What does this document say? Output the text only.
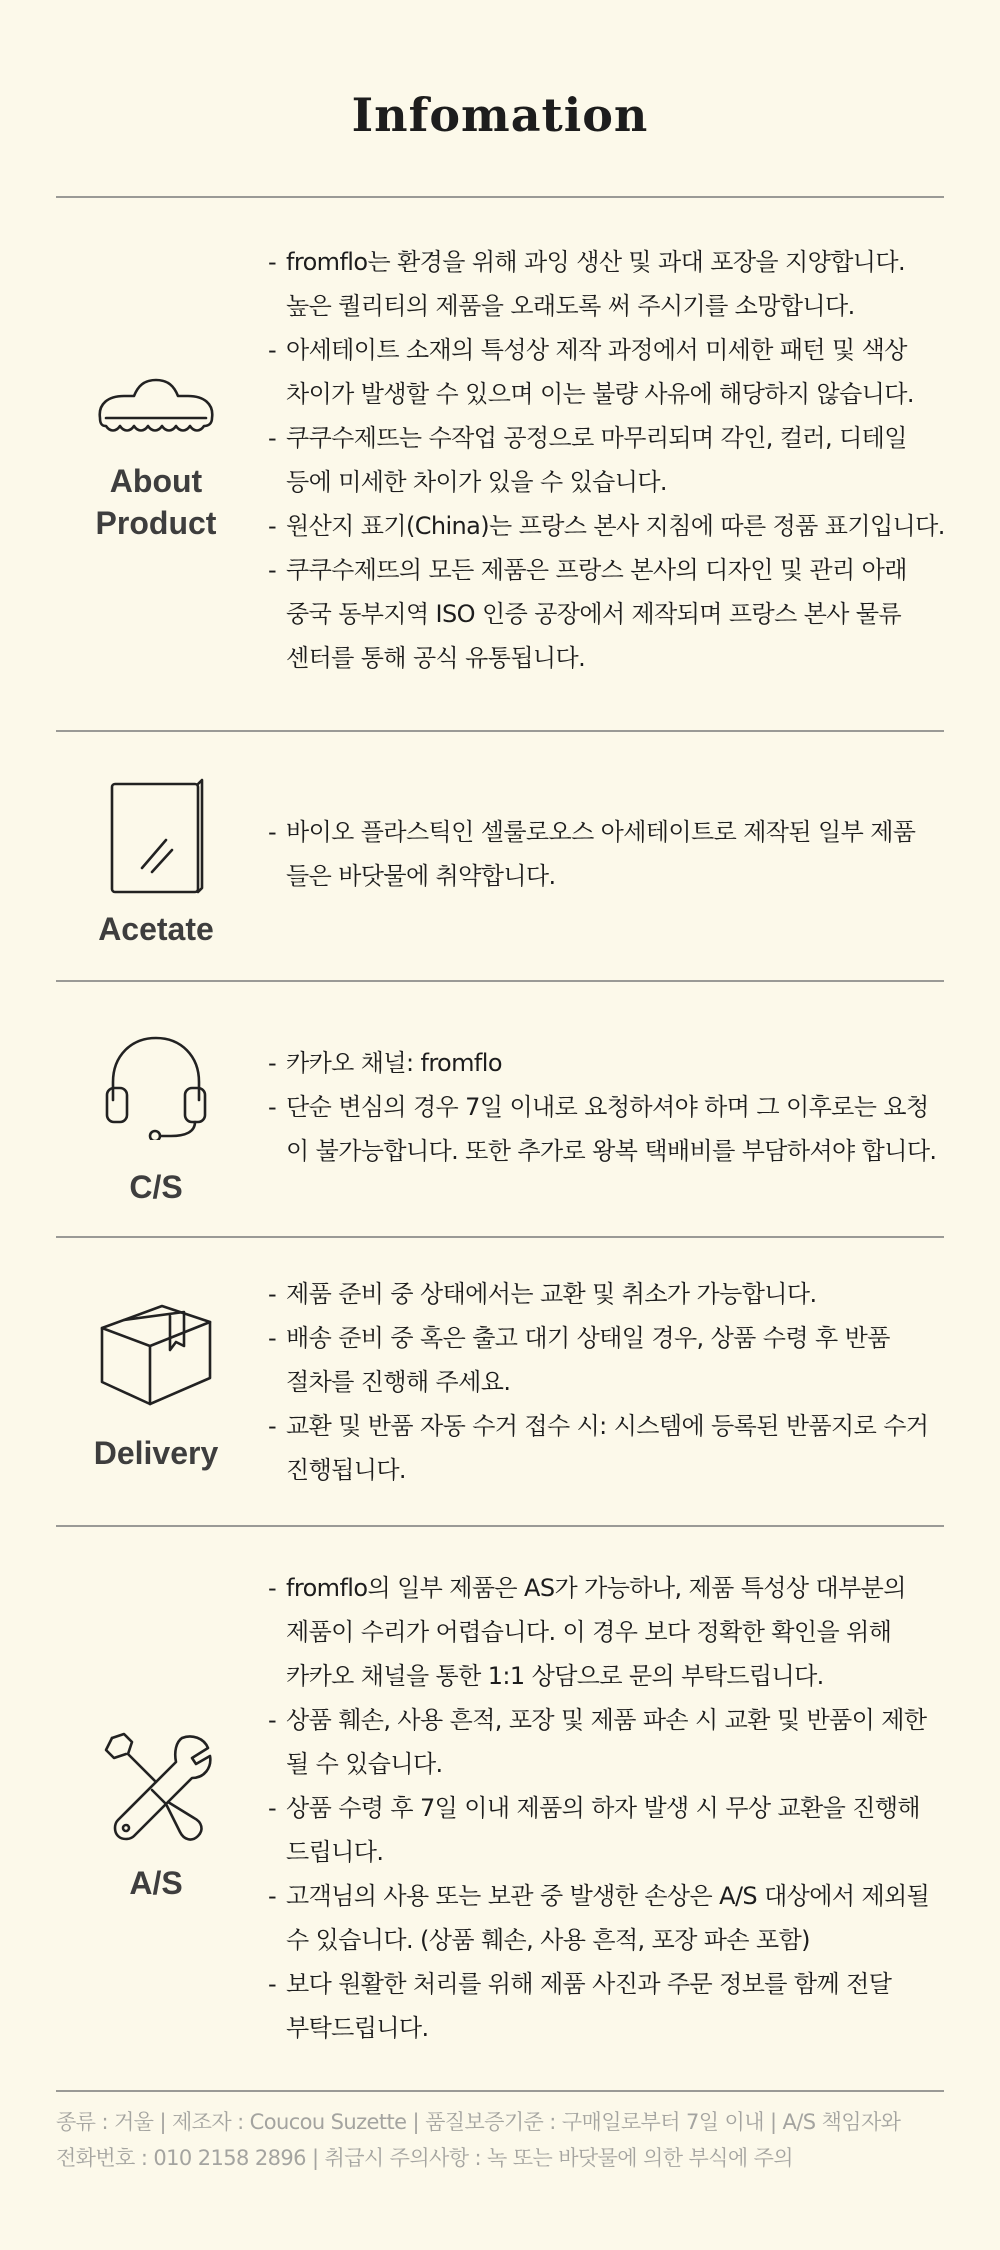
Infomation
About
Product
- fromflo는 환경을 위해 과잉 생산 및 과대 포장을 지양합니다.
높은 퀄리티의 제품을 오래도록 써 주시기를 소망합니다.
- 아세테이트 소재의 특성상 제작 과정에서 미세한 패턴 및 색상
차이가 발생할 수 있으며 이는 불량 사유에 해당하지 않습니다.
- 쿠쿠수제뜨는 수작업 공정으로 마무리되며 각인, 컬러, 디테일
등에 미세한 차이가 있을 수 있습니다.
- 원산지 표기(China)는 프랑스 본사 지침에 따른 정품 표기입니다.
- 쿠쿠수제뜨의 모든 제품은 프랑스 본사의 디자인 및 관리 아래
중국 동부지역 ISO 인증 공장에서 제작되며 프랑스 본사 물류
센터를 통해 공식 유통됩니다.
Acetate
- 바이오 플라스틱인 셀룰로오스 아세테이트로 제작된 일부 제품
들은 바닷물에 취약합니다.
C/S
- 카카오 채널: fromflo
- 단순 변심의 경우 7일 이내로 요청하셔야 하며 그 이후로는 요청
이 불가능합니다. 또한 추가로 왕복 택배비를 부담하셔야 합니다.
Delivery
- 제품 준비 중 상태에서는 교환 및 취소가 가능합니다.
- 배송 준비 중 혹은 출고 대기 상태일 경우, 상품 수령 후 반품
절차를 진행해 주세요.
- 교환 및 반품 자동 수거 접수 시: 시스템에 등록된 반품지로 수거
진행됩니다.
A/S
- fromflo의 일부 제품은 AS가 가능하나, 제품 특성상 대부분의
제품이 수리가 어렵습니다. 이 경우 보다 정확한 확인을 위해
카카오 채널을 통한 1:1 상담으로 문의 부탁드립니다.
- 상품 훼손, 사용 흔적, 포장 및 제품 파손 시 교환 및 반품이 제한
될 수 있습니다.
- 상품 수령 후 7일 이내 제품의 하자 발생 시 무상 교환을 진행해
드립니다.
- 고객님의 사용 또는 보관 중 발생한 손상은 A/S 대상에서 제외될
수 있습니다. (상품 훼손, 사용 흔적, 포장 파손 포함)
- 보다 원활한 처리를 위해 제품 사진과 주문 정보를 함께 전달
부탁드립니다.
종류 : 거울 | 제조자 : Coucou Suzette | 품질보증기준 : 구매일로부터 7일 이내 | A/S 책임자와
전화번호 : 010 2158 2896 | 취급시 주의사항 : 녹 또는 바닷물에 의한 부식에 주의
